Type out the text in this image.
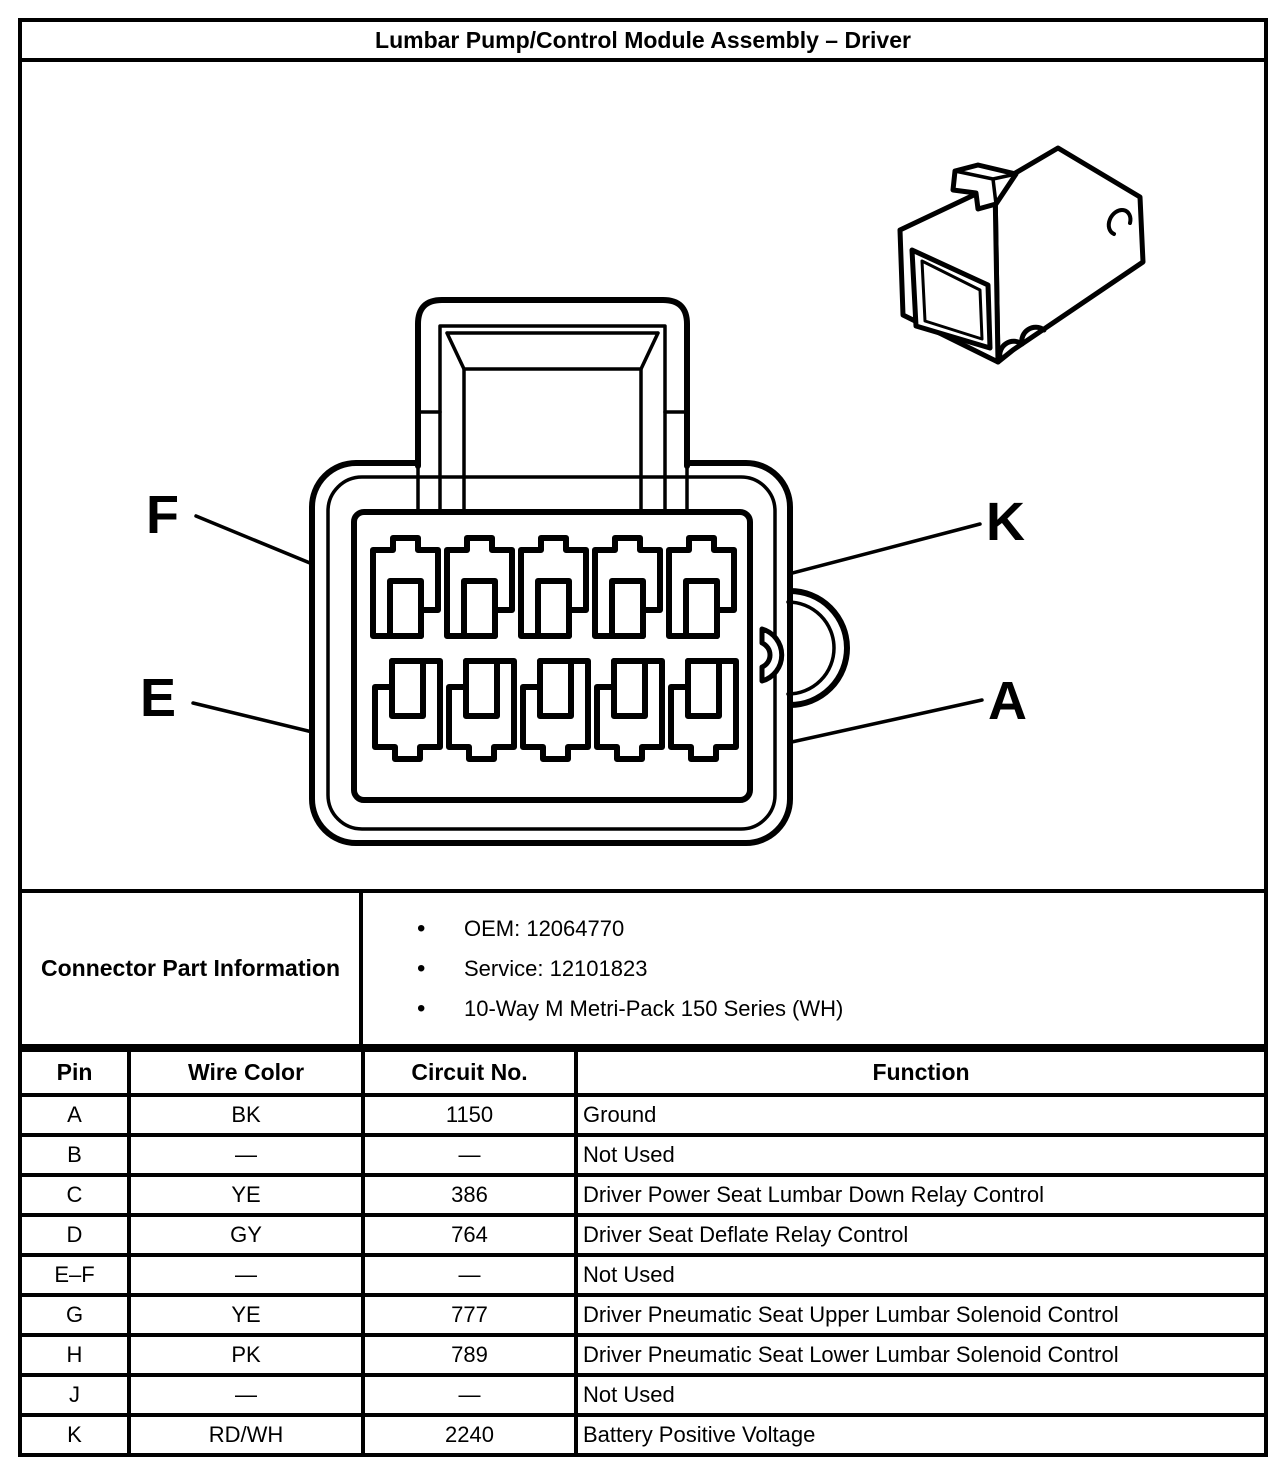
Lumbar Pump/Control Module Assembly – Driver
F
E
K
A
Connector Part Information
•	OEM: 12064770
•	Service: 12101823
•	10-Way M Metri-Pack 150 Series (WH)
Pin	Wire Color	Circuit No.	Function
A	BK	1150	Ground
B	—	—	Not Used
C	YE	386	Driver Power Seat Lumbar Down Relay Control
D	GY	764	Driver Seat Deflate Relay Control
E–F	—	—	Not Used
G	YE	777	Driver Pneumatic Seat Upper Lumbar Solenoid Control
H	PK	789	Driver Pneumatic Seat Lower Lumbar Solenoid Control
J	—	—	Not Used
K	RD/WH	2240	Battery Positive Voltage
